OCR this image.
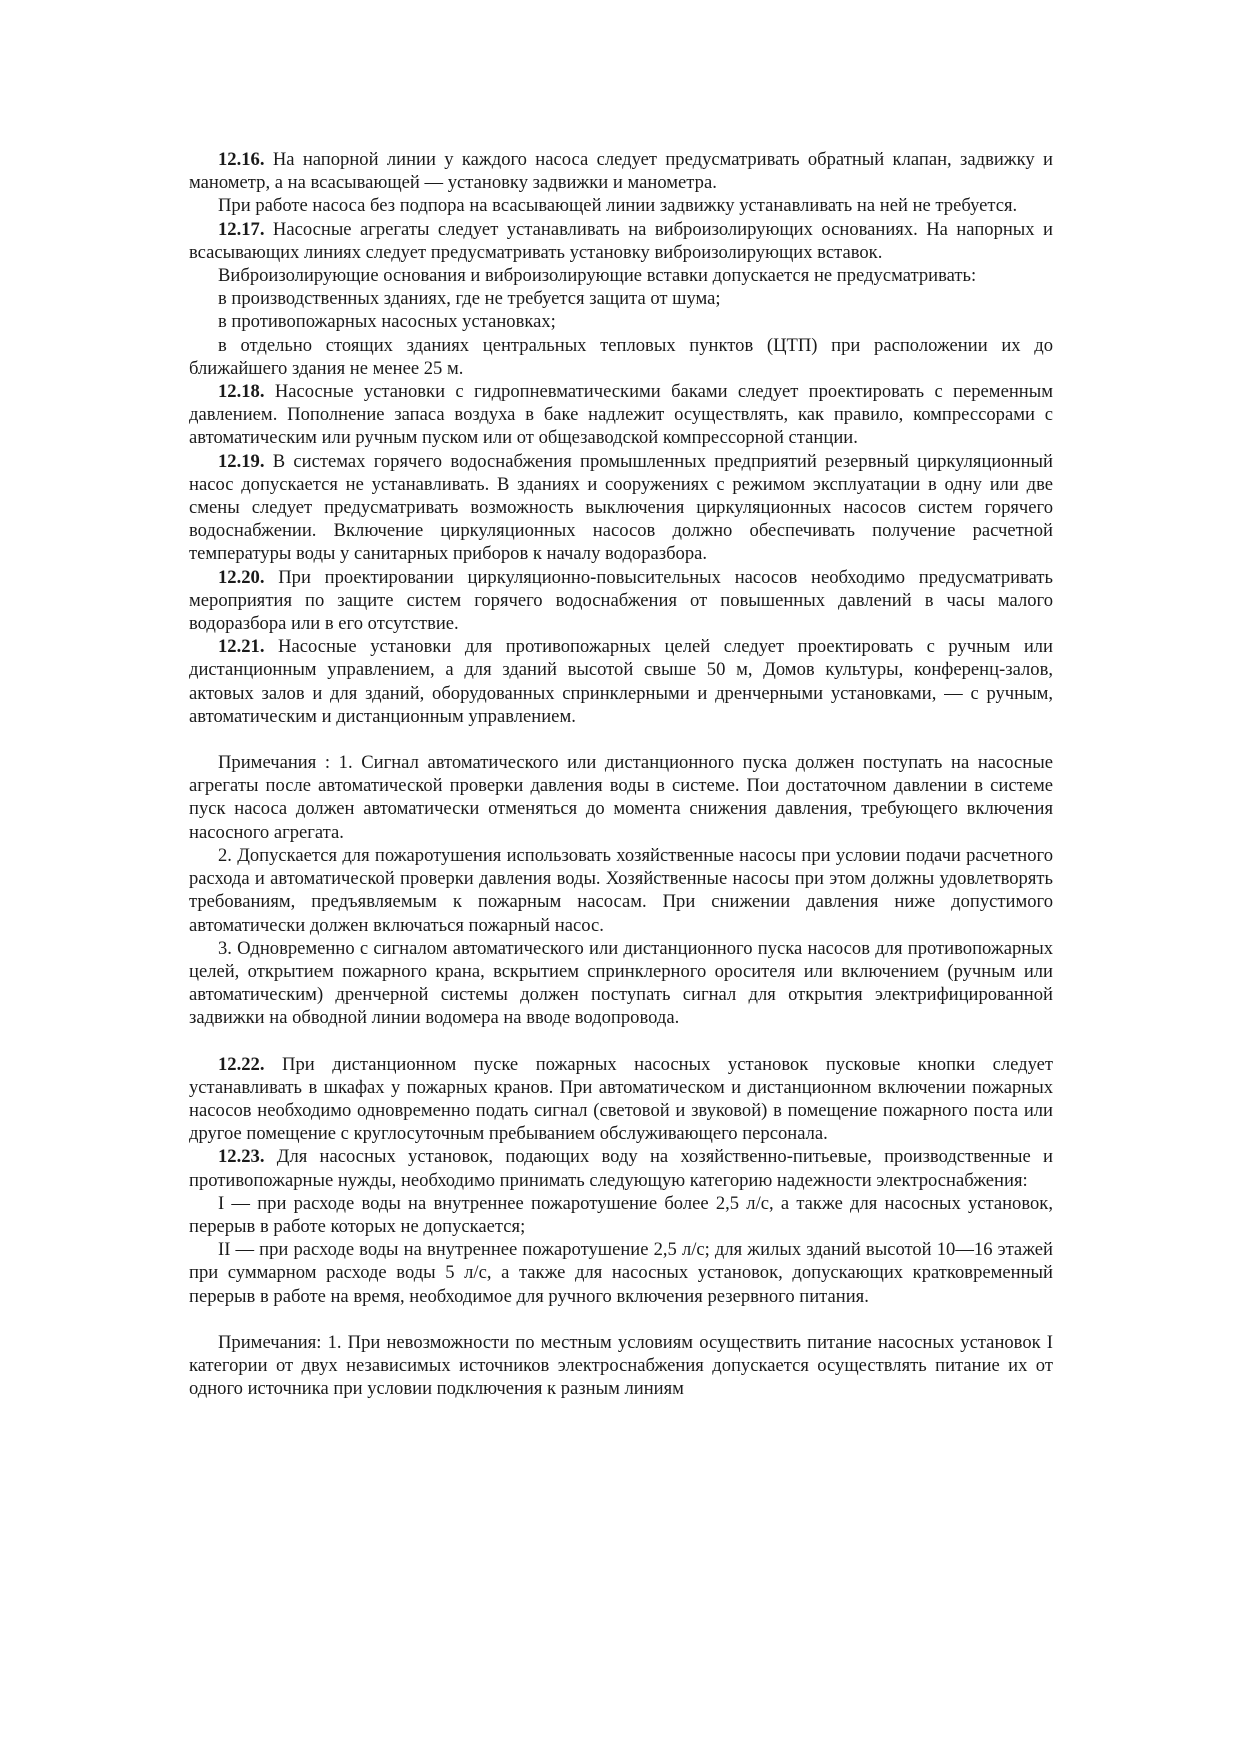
12.16. На напорной линии у каждого насоса следует предусматривать обратный клапан, задвижку и манометр, а на всасывающей — установку задвижки и манометра.

При работе насоса без подпора на всасывающей линии задвижку устанавливать на ней не требуется.

12.17. Насосные агрегаты следует устанавливать на виброизолирующих основаниях. На напорных и всасывающих линиях следует предусматривать установку виброизолирующих вставок.

Виброизолирующие основания и виброизолирующие вставки допускается не предусматривать:

в производственных зданиях, где не требуется защита от шума;

в противопожарных насосных установках;

в отдельно стоящих зданиях центральных тепловых пунктов (ЦТП) при расположении их до ближайшего здания не менее 25 м.

12.18. Насосные установки с гидропневматическими баками следует проектировать с переменным давлением. Пополнение запаса воздуха в баке надлежит осуществлять, как правило, компрессорами с автоматическим или ручным пуском или от общезаводской компрессорной станции.

12.19. В системах горячего водоснабжения промышленных предприятий резервный циркуляционный насос допускается не устанавливать. В зданиях и сооружениях с режимом эксплуатации в одну или две смены следует предусматривать возможность выключения циркуляционных насосов систем горячего водоснабжении. Включение циркуляционных насосов должно обеспечивать получение расчетной температуры воды у санитарных приборов к началу водоразбора.

12.20. При проектировании циркуляционно-повысительных насосов необходимо предусматривать мероприятия по защите систем горячего водоснабжения от повышенных давлений в часы малого водоразбора или в его отсутствие.

12.21. Насосные установки для противопожарных целей следует проектировать с ручным или дистанционным управлением, а для зданий высотой свыше 50 м, Домов культуры, конференц-залов, актовых залов и для зданий, оборудованных спринклерными и дренчерными установками, — с ручным, автоматическим и дистанционным управлением.

Примечания : 1. Сигнал автоматического или дистанционного пуска должен поступать на насосные агрегаты после автоматической проверки давления воды в системе. Пои достаточном давлении в системе пуск насоса должен автоматически отменяться до момента снижения давления, требующего включения насосного агрегата.

2. Допускается для пожаротушения использовать хозяйственные насосы при условии подачи расчетного расхода и автоматической проверки давления воды. Хозяйственные насосы при этом должны удовлетворять требованиям, предъявляемым к пожарным насосам. При снижении давления ниже допустимого автоматически должен включаться пожарный насос.

3. Одновременно с сигналом автоматического или дистанционного пуска насосов для противопожарных целей, открытием пожарного крана, вскрытием спринклерного оросителя или включением (ручным или автоматическим) дренчерной системы должен поступать сигнал для открытия электрифицированной задвижки на обводной линии водомера на вводе водопровода.

12.22. При дистанционном пуске пожарных насосных установок пусковые кнопки следует устанавливать в шкафах у пожарных кранов. При автоматическом и дистанционном включении пожарных насосов необходимо одновременно подать сигнал (световой и звуковой) в помещение пожарного поста или другое помещение с круглосуточным пребыванием обслуживающего персонала.

12.23. Для насосных установок, подающих воду на хозяйственно-питьевые, производственные и противопожарные нужды, необходимо принимать следующую категорию надежности электроснабжения:

I — при расходе воды на внутреннее пожаротушение более 2,5 л/с, а также для насосных установок, перерыв в работе которых не допускается;

II — при расходе воды на внутреннее пожаротушение 2,5 л/с; для жилых зданий высотой 10—16 этажей при суммарном расходе воды 5 л/с, а также для насосных установок, допускающих кратковременный перерыв в работе на время, необходимое для ручного включения резервного питания.

Примечания: 1. При невозможности по местным условиям осуществить питание насосных установок I категории от двух независимых источников электроснабжения допускается осуществлять питание их от одного источника при условии подключения к разным линиям
